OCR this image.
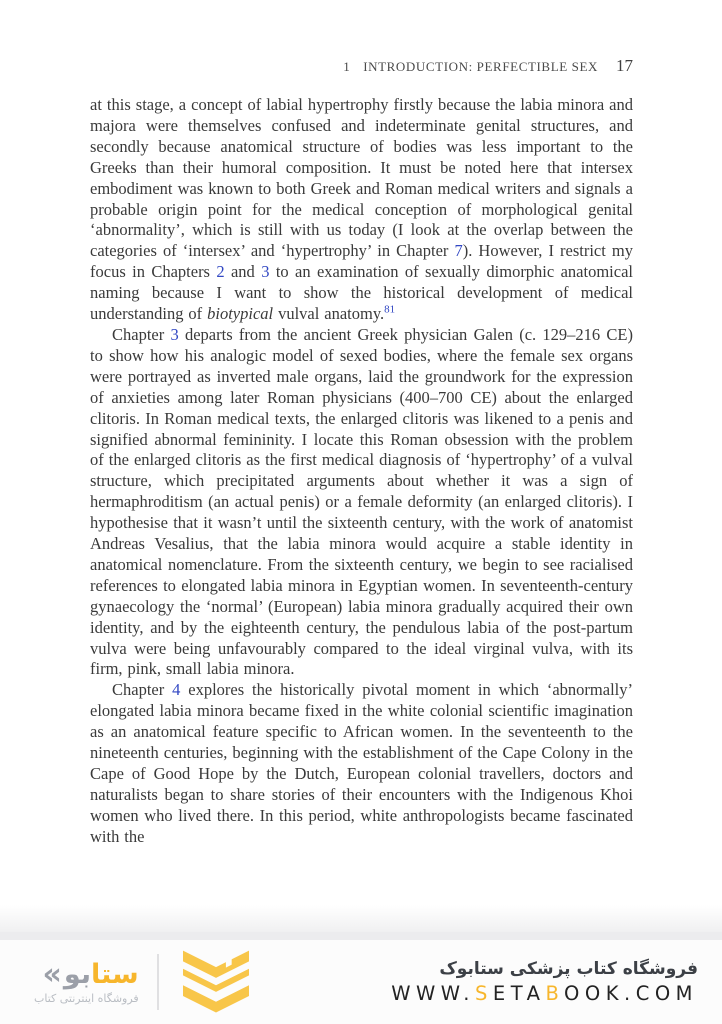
1 INTRODUCTION: PERFECTIBLE SEX 17

at this stage, a concept of labial hypertrophy firstly because the labia minora and majora were themselves confused and indeterminate genital structures, and secondly because anatomical structure of bodies was less important to the Greeks than their humoral composition. It must be noted here that intersex embodiment was known to both Greek and Roman medical writers and signals a probable origin point for the medical conception of morphological genital ‘abnormality’, which is still with us today (I look at the overlap between the categories of ‘intersex’ and ‘hypertrophy’ in Chapter 7). However, I restrict my focus in Chapters 2 and 3 to an examination of sexually dimorphic anatomical naming because I want to show the historical development of medical understanding of biotypical vulval anatomy.$^{81}$

Chapter 3 departs from the ancient Greek physician Galen (c. 129–216 CE) to show how his analogic model of sexed bodies, where the female sex organs were portrayed as inverted male organs, laid the groundwork for the expression of anxieties among later Roman physicians (400–700 CE) about the enlarged clitoris. In Roman medical texts, the enlarged clitoris was likened to a penis and signified abnormal femininity. I locate this Roman obsession with the problem of the enlarged clitoris as the first medical diagnosis of ‘hypertrophy’ of a vulval structure, which precipitated arguments about whether it was a sign of hermaphroditism (an actual penis) or a female deformity (an enlarged clitoris). I hypothesise that it wasn’t until the sixteenth century, with the work of anatomist Andreas Vesalius, that the labia minora would acquire a stable identity in anatomical nomenclature. From the sixteenth century, we begin to see racialised references to elongated labia minora in Egyptian women. In seventeenth-century gynaecology the ‘normal’ (European) labia minora gradually acquired their own identity, and by the eighteenth century, the pendulous labia of the post-partum vulva were being unfavourably compared to the ideal virginal vulva, with its firm, pink, small labia minora.

Chapter 4 explores the historically pivotal moment in which ‘abnormally’ elongated labia minora became fixed in the white colonial scientific imagination as an anatomical feature specific to African women. In the seventeenth to the nineteenth centuries, beginning with the establishment of the Cape Colony in the Cape of Good Hope by the Dutch, European colonial travellers, doctors and naturalists began to share stories of their encounters with the Indigenous Khoi women who lived there. In this period, white anthropologists became fascinated with the

ستا
بو
«
فروشگاه اینترنتی کتاب
فروشگاه کتاب پزشکی ستابوک
WWW.SETABOOK.COM
